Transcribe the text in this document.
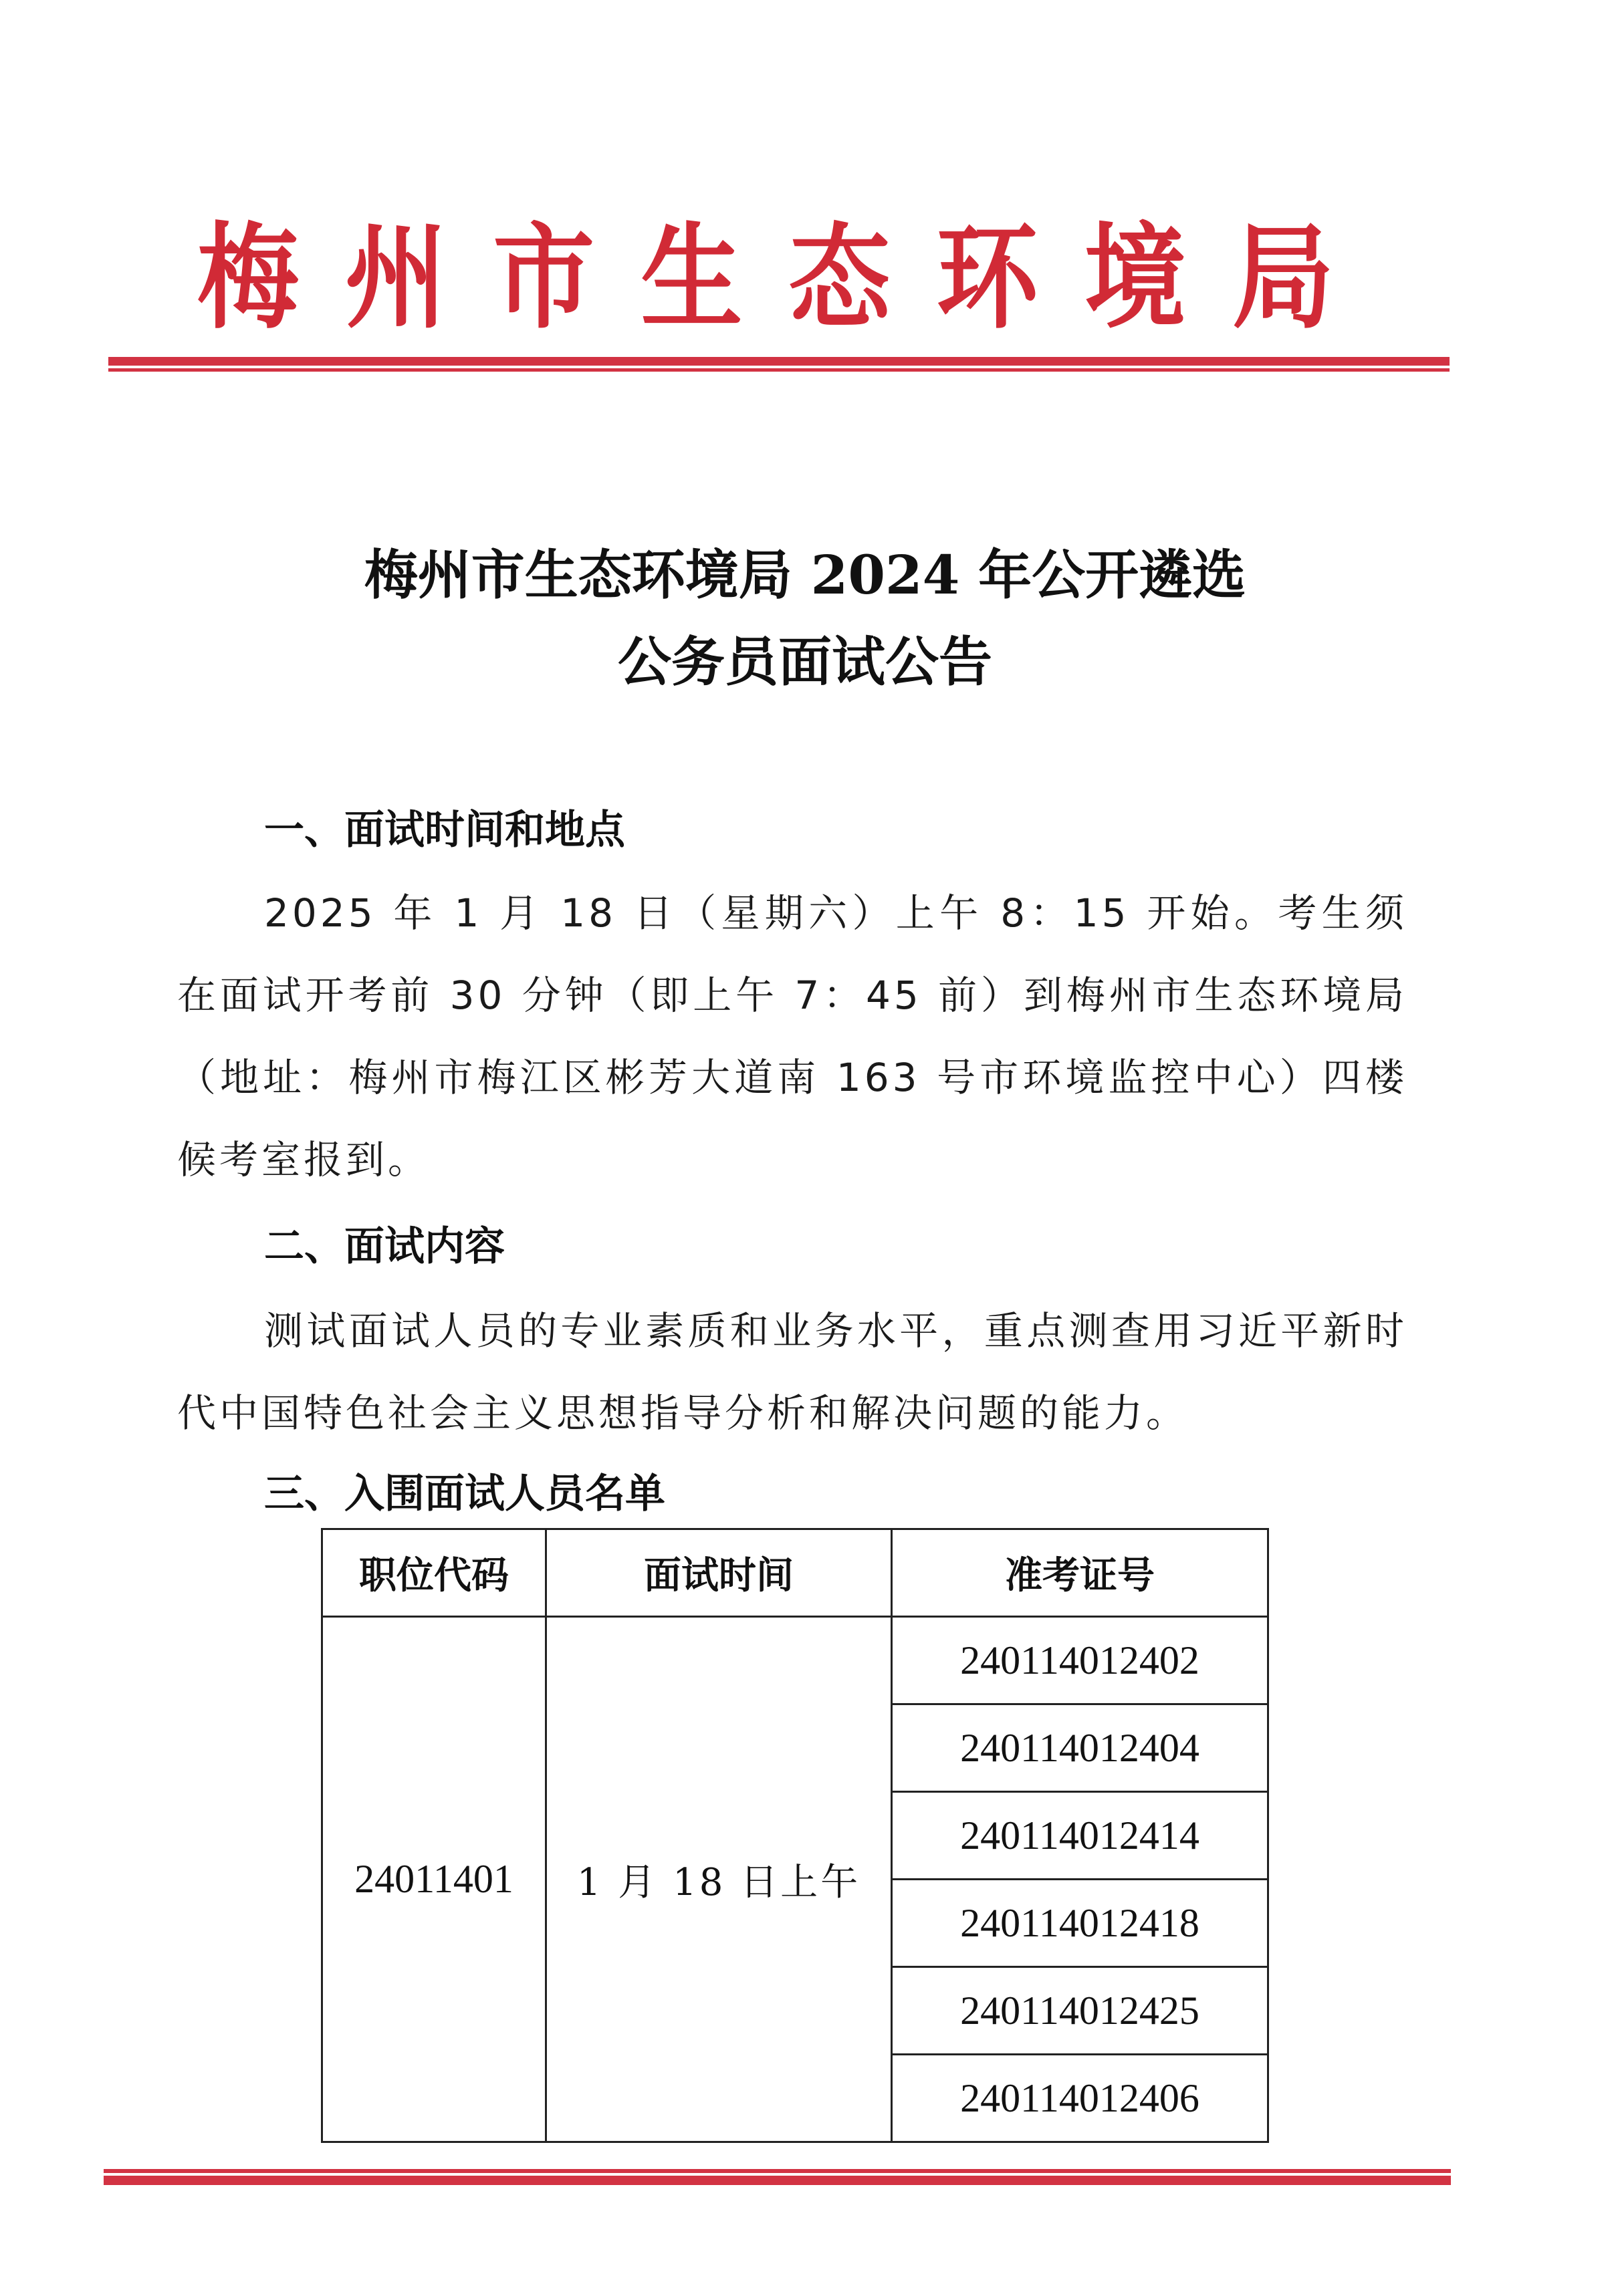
梅 州 市 生 态 环 境 局
梅州市生态环境局 2024 年公开遴选
公务员面试公告
一、面试时间和地点
2025 年 1 月 18 日（星期六）上午 8：15 开始。考生须在面试开考前 30 分钟（即上午 7：45 前）到梅州市生态环境局（地址：梅州市梅江区彬芳大道南 163 号市环境监控中心）四楼候考室报到。
二、面试内容
测试面试人员的专业素质和业务水平，重点测查用习近平新时代中国特色社会主义思想指导分析和解决问题的能力。
三、入围面试人员名单
职位代码	面试时间	准考证号
24011401	1 月 18 日上午	240114012402
		240114012404
		240114012414
		240114012418
		240114012425
		240114012406
